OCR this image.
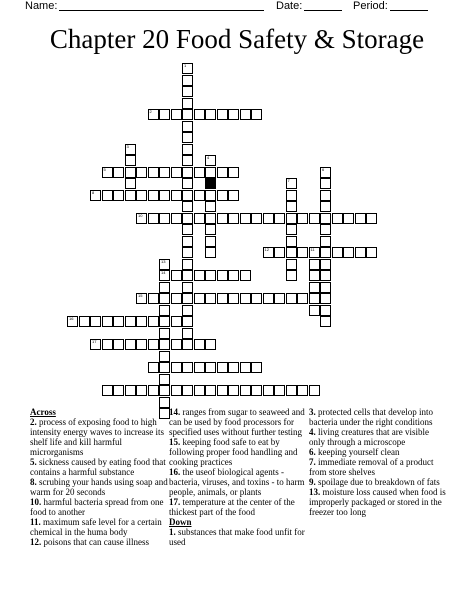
Name:	Date:	Period:
Chapter 20 Food Safety & Storage
1
2
3
4
5	6
7
8
10
11
12
13
14
15
16
17
Across

2. process of exposing food to high intensity energy waves to increase its shelf life and kill harmful microrganisms

5. sickness caused by eating food that contains a harmful substance

8. scrubing your hands using soap and warm for 20 seconds

10. harmful bacteria spread from one food to another

11. maximum safe level for a certain chemical in the huma body

12. poisons that can cause illness

14. ranges from sugar to seaweed and can be used by food processors for specified uses without further testing

15. keeping food safe to eat by following proper food handling and cooking practices

16. the useof biological agents - bacteria, viruses, and toxins - to harm people, animals, or plants

17. temperature at the center of the thickest part of the food

Down

1. substances that make food unfit for used

3. protected cells that develop into bacteria under the right conditions

4. living creatures that are visible only through a microscope

6. keeping yourself clean

7. immediate removal of a product from store shelves

9. spoilage due to breakdown of fats

13. moisture loss caused when food is improperly packaged or stored in the freezer too long
